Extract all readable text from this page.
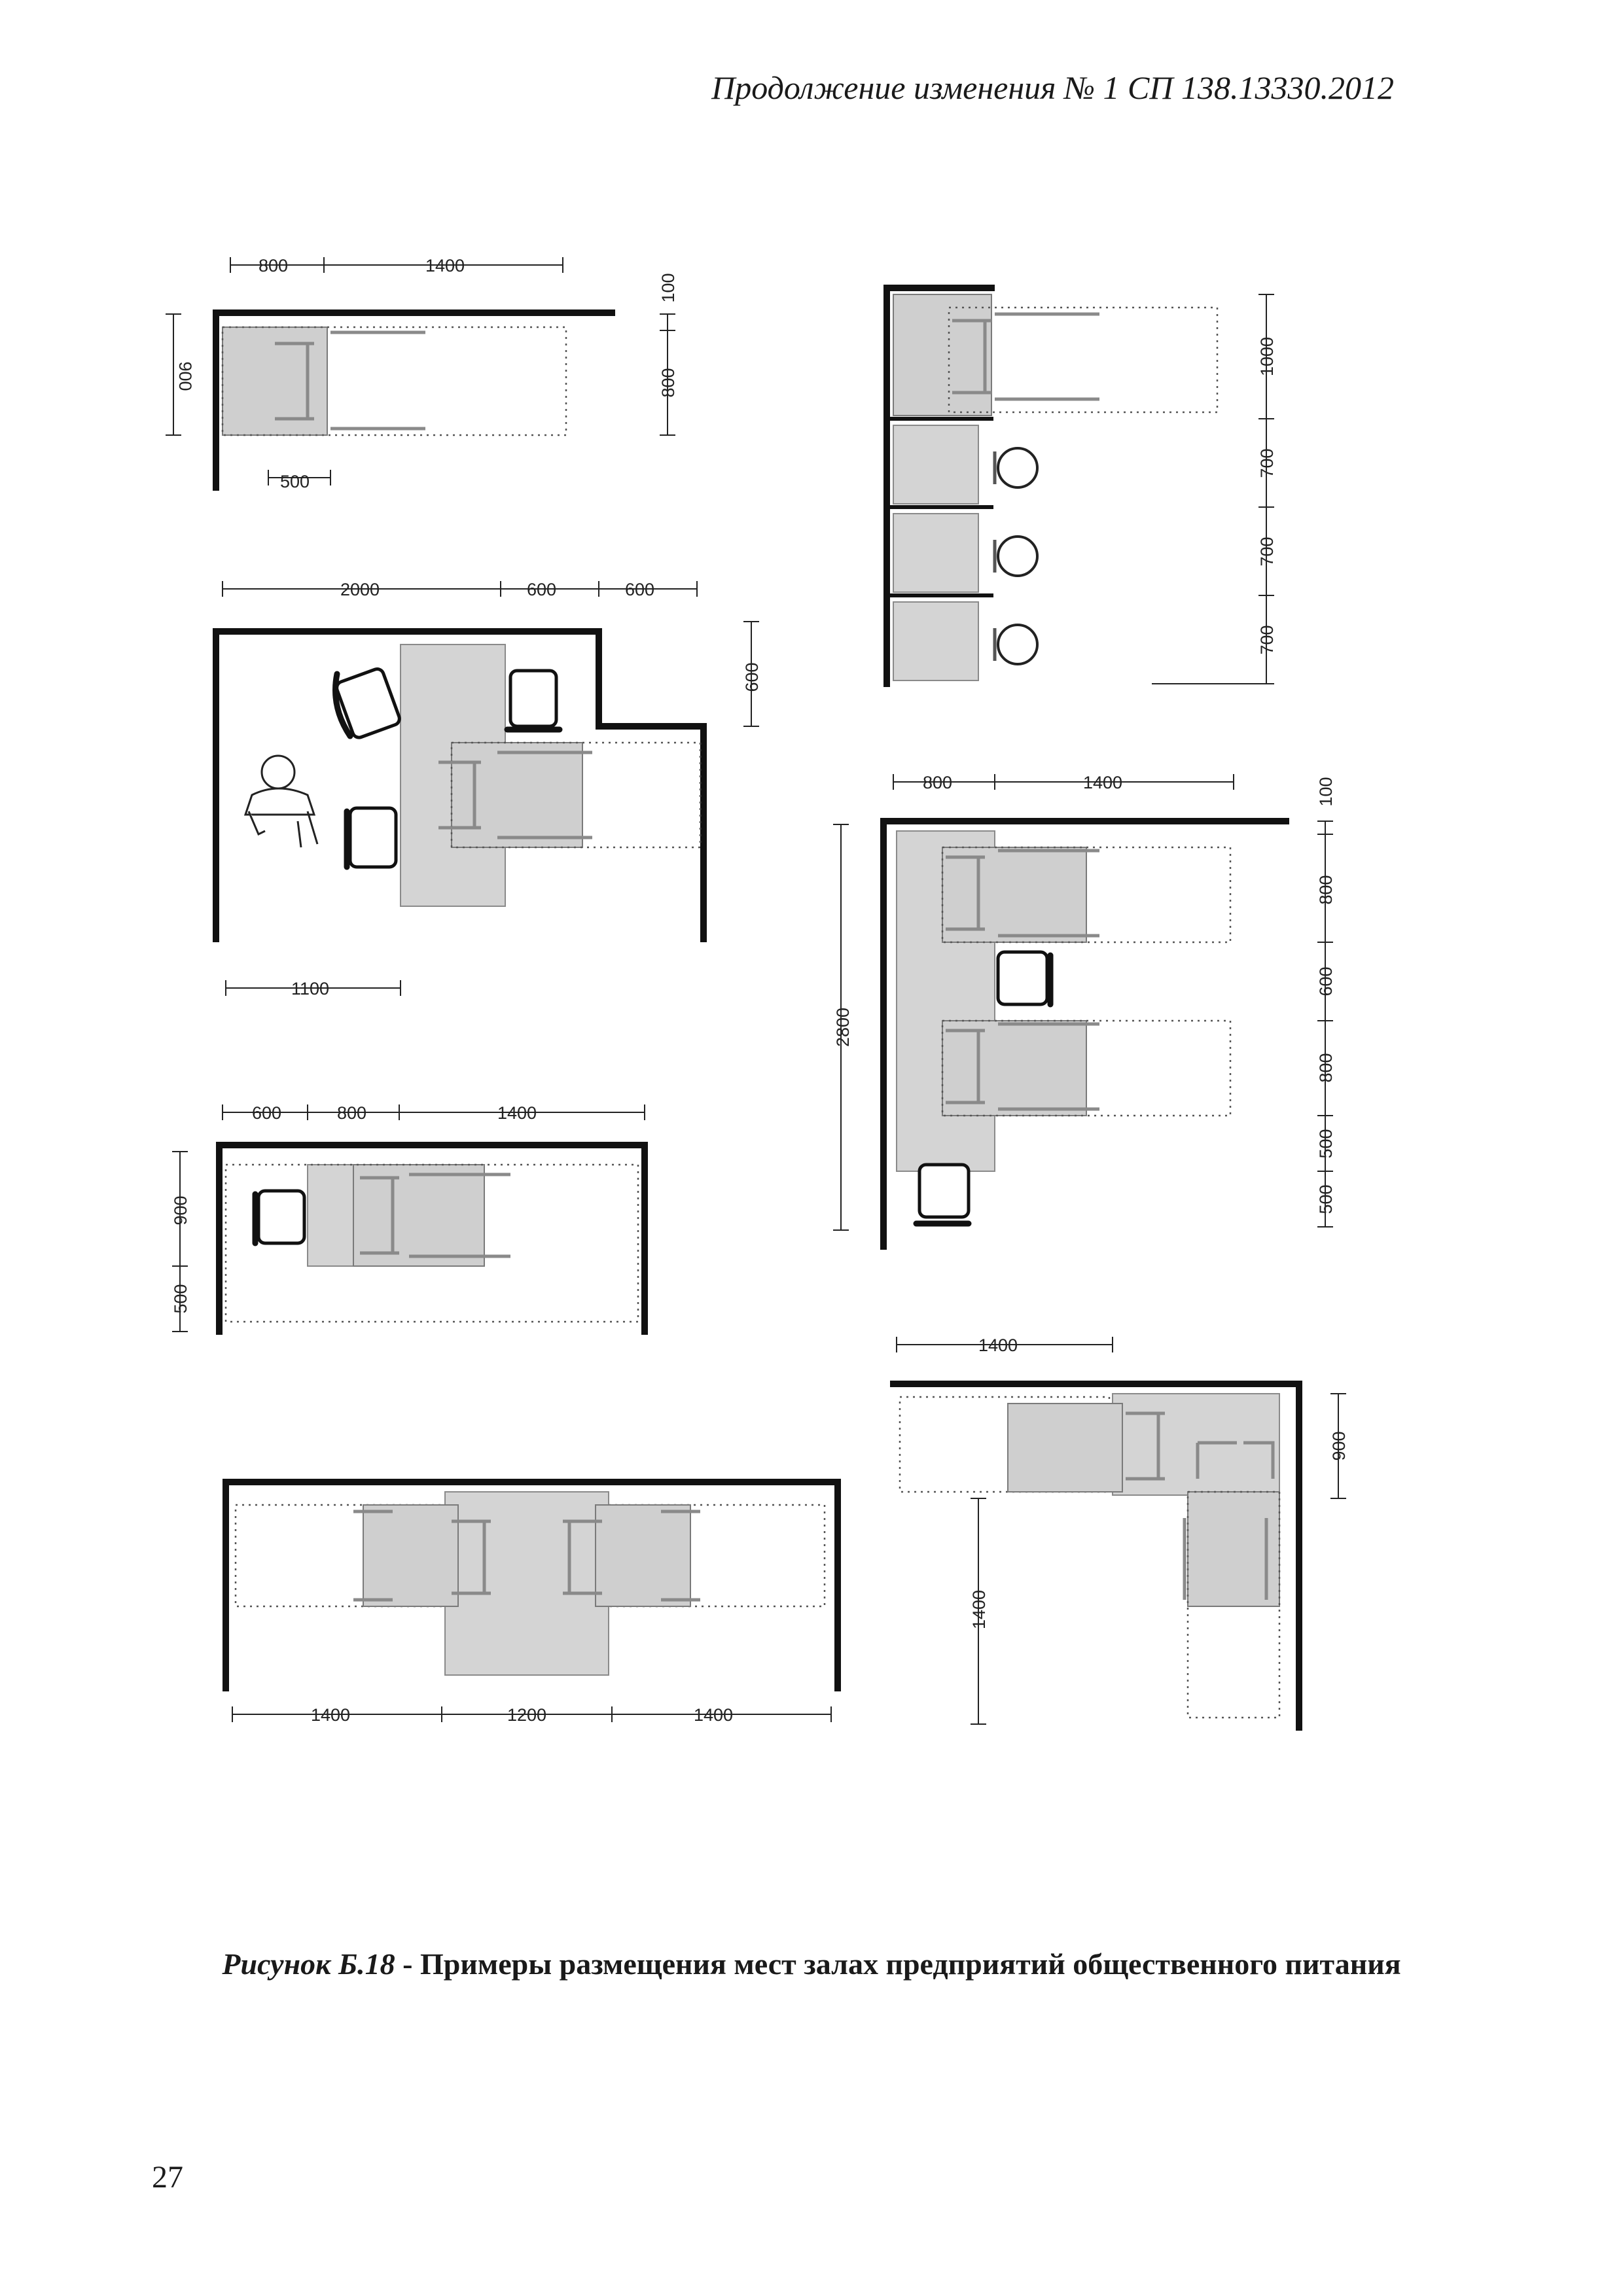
Продолжение изменения № 1 СП 138.13330.2012
800	1400
900
100
800
500
2000	600	600
600
1100
600	800	1400
900
500
1400	1200	1400
1000
700
700
700
800	1400
2800
100
800
600
800
500
500
1400
900
1400
Рисунок Б.18 - Примеры размещения мест залах предприятий общественного питания
27
